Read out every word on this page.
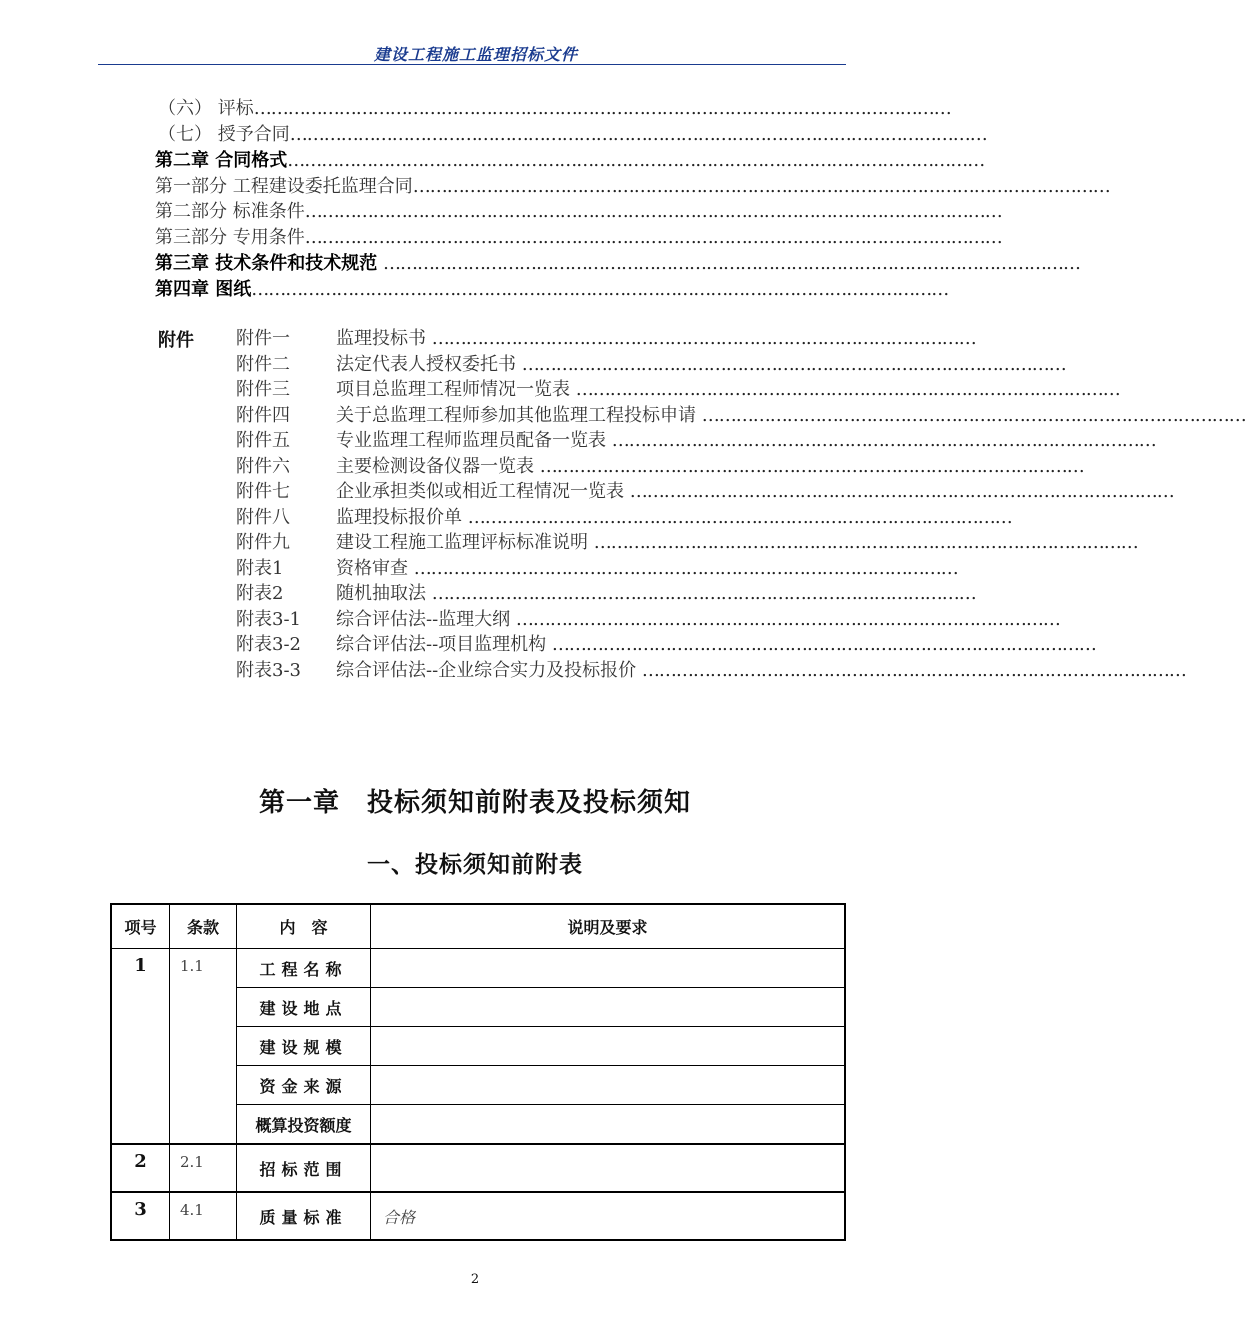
建设工程施工监理招标文件
（六） 评标……………………………………………………………………………………………………………
（七） 授予合同……………………………………………………………………………………………………………
第二章 合同格式……………………………………………………………………………………………………………
第一部分 工程建设委托监理合同……………………………………………………………………………………………………………
第二部分 标准条件……………………………………………………………………………………………………………
第三部分 专用条件……………………………………………………………………………………………………………
第三章 技术条件和技术规范 ……………………………………………………………………………………………………………
第四章 图纸……………………………………………………………………………………………………………
附件 附件一	监理投标书 ……………………………………………………………………………………
附件二	法定代表人授权委托书 ……………………………………………………………………………………
附件三	项目总监理工程师情况一览表 ……………………………………………………………………………………
附件四	关于总监理工程师参加其他监理工程投标申请 ……………………………………………………………………………………
附件五	专业监理工程师监理员配备一览表 ……………………………………………………………………………………
附件六	主要检测设备仪器一览表 ……………………………………………………………………………………
附件七	企业承担类似或相近工程情况一览表 ……………………………………………………………………………………
附件八	监理投标报价单 ……………………………………………………………………………………
附件九	建设工程施工监理评标标准说明 ……………………………………………………………………………………
附表1	资格审查 ……………………………………………………………………………………
附表2	随机抽取法 ……………………………………………………………………………………
附表3-1 综合评估法--监理大纲 ……………………………………………………………………………………
附表3-2 综合评估法--项目监理机构 ……………………………………………………………………………………
附表3-3 综合评估法--企业综合实力及投标报价 ……………………………………………………………………………………
第一章　投标须知前附表及投标须知
一、投标须知前附表
项号	条款	内　容	说明及要求
1	1.1	工程名称	
		建设地点	
		建设规模	
		资金来源	
		概算投资额度	
2	2.1	招标范围	
3	4.1	质量标准	合格
2
